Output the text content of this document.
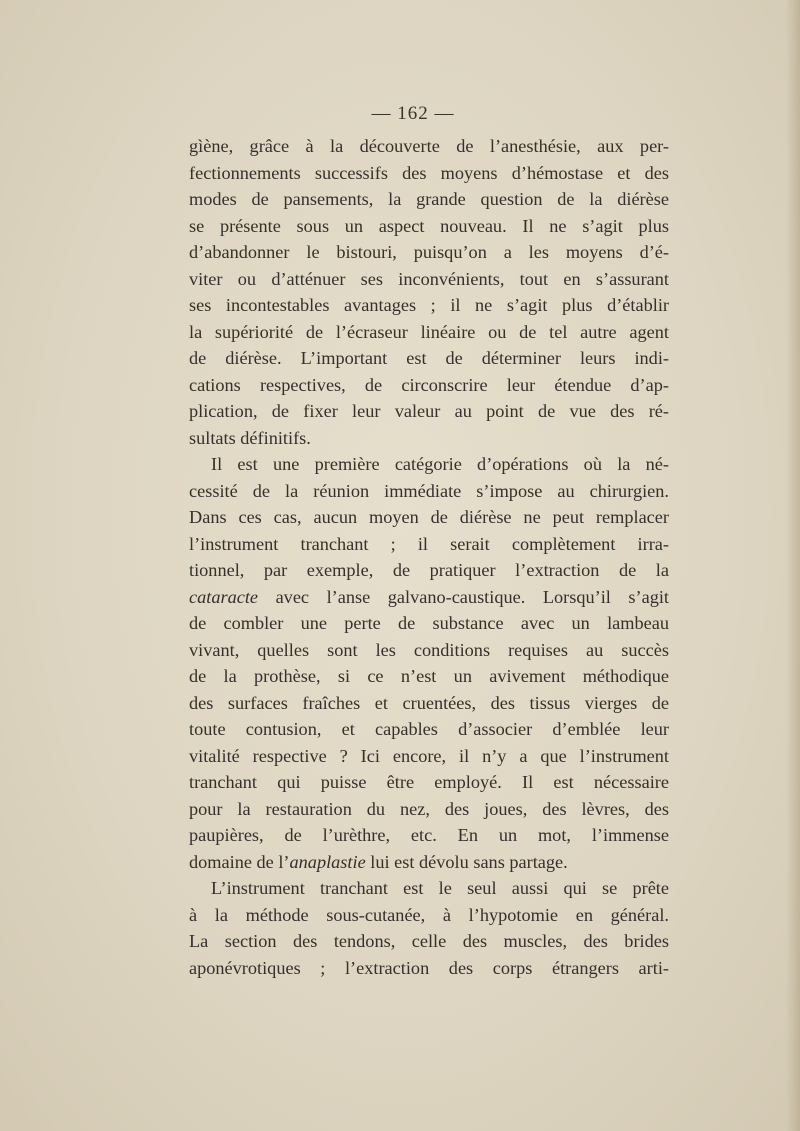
— 162 —
gìène, grâce à la découverte de l’anesthésie, aux per-
fectionnements successifs des moyens d’hémostase et des
modes de pansements, la grande question de la diérèse
se présente sous un aspect nouveau. Il ne s’agit plus
d’abandonner le bistouri, puisqu’on a les moyens d’é-
viter ou d’atténuer ses inconvénients, tout en s’assurant
ses incontestables avantages ; il ne s’agit plus d’établir
la supériorité de l’écraseur linéaire ou de tel autre agent
de diérèse. L’important est de déterminer leurs indi-
cations respectives, de circonscrire leur étendue d’ap-
plication, de fixer leur valeur au point de vue des ré-
sultats définitifs.
Il est une première catégorie d’opérations où la né-
cessité de la réunion immédiate s’impose au chirurgien.
Dans ces cas, aucun moyen de diérèse ne peut remplacer
l’instrument tranchant ; il serait complètement irra-
tionnel, par exemple, de pratiquer l’extraction de la
cataracte avec l’anse galvano-caustique. Lorsqu’il s’agit
de combler une perte de substance avec un lambeau
vivant, quelles sont les conditions requises au succès
de la prothèse, si ce n’est un avivement méthodique
des surfaces fraîches et cruentées, des tissus vierges de
toute contusion, et capables d’associer d’emblée leur
vitalité respective ? Ici encore, il n’y a que l’instrument
tranchant qui puisse être employé. Il est nécessaire
pour la restauration du nez, des joues, des lèvres, des
paupières, de l’urèthre, etc. En un mot, l’immense
domaine de l’anaplastie lui est dévolu sans partage.
L’instrument tranchant est le seul aussi qui se prête
à la méthode sous-cutanée, à l’hypotomie en général.
La section des tendons, celle des muscles, des brides
aponévrotiques ; l’extraction des corps étrangers arti-
